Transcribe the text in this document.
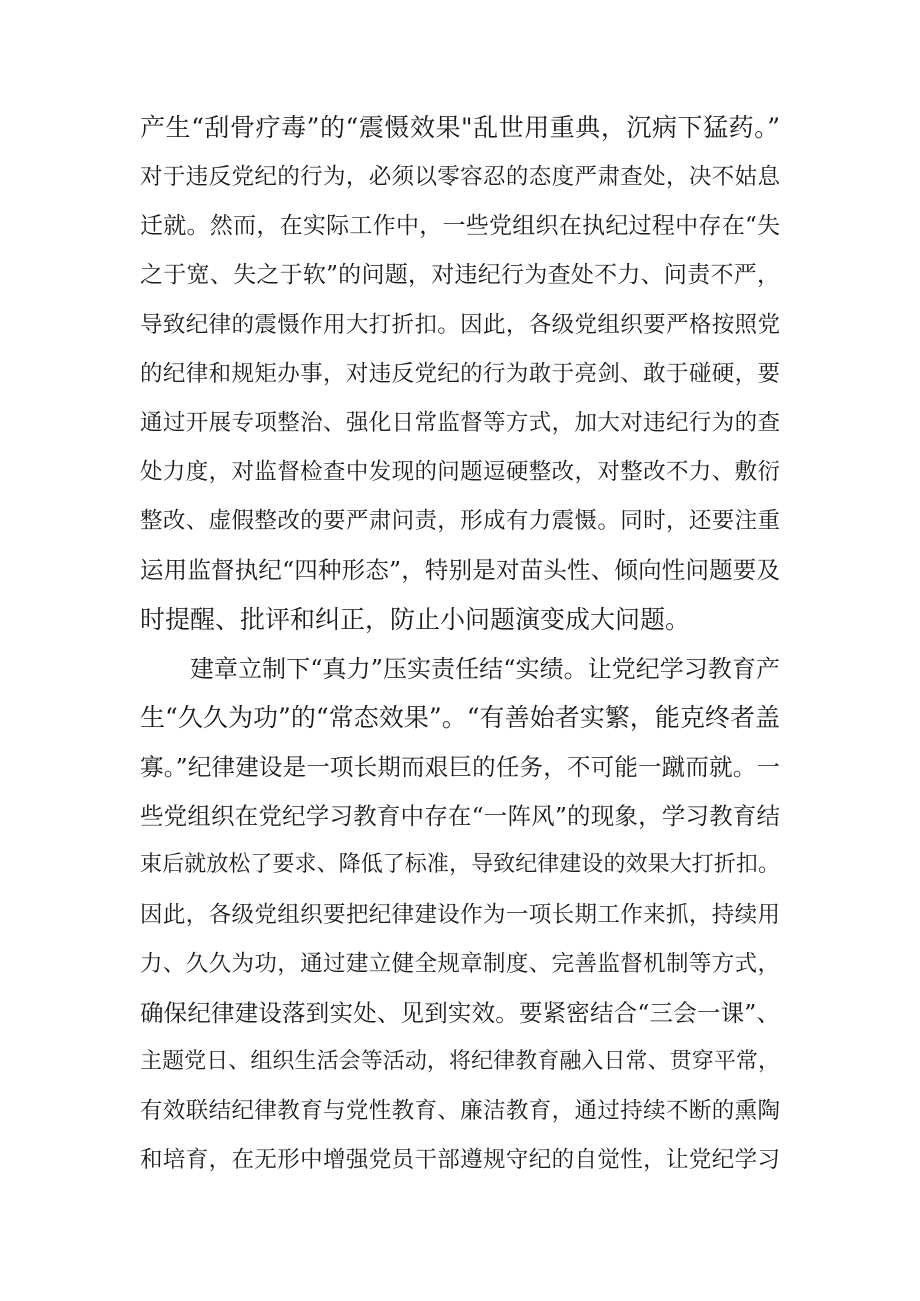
产生“刮骨疗毒”的“震慑效果"乱世用重典，沉病下猛药。”
对于违反党纪的行为，必须以零容忍的态度严肃查处，决不姑息
迁就。然而，在实际工作中，一些党组织在执纪过程中存在“失
之于宽、失之于软”的问题，对违纪行为查处不力、问责不严，
导致纪律的震慑作用大打折扣。因此，各级党组织要严格按照党
的纪律和规矩办事，对违反党纪的行为敢于亮剑、敢于碰硬，要
通过开展专项整治、强化日常监督等方式，加大对违纪行为的查
处力度，对监督检查中发现的问题逗硬整改，对整改不力、敷衍
整改、虚假整改的要严肃问责，形成有力震慑。同时，还要注重
运用监督执纪“四种形态”，特别是对苗头性、倾向性问题要及
时提醒、批评和纠正，防止小问题演变成大问题。
建章立制下“真力”压实责任结“实绩。让党纪学习教育产
生“久久为功”的“常态效果”。“有善始者实繁，能克终者盖
寡。”纪律建设是一项长期而艰巨的任务，不可能一蹴而就。一
些党组织在党纪学习教育中存在“一阵风”的现象，学习教育结
束后就放松了要求、降低了标准，导致纪律建设的效果大打折扣。
因此，各级党组织要把纪律建设作为一项长期工作来抓，持续用
力、久久为功，通过建立健全规章制度、完善监督机制等方式，
确保纪律建设落到实处、见到实效。要紧密结合“三会一课”、
主题党日、组织生活会等活动，将纪律教育融入日常、贯穿平常，
有效联结纪律教育与党性教育、廉洁教育，通过持续不断的熏陶
和培育，在无形中增强党员干部遵规守纪的自觉性，让党纪学习
